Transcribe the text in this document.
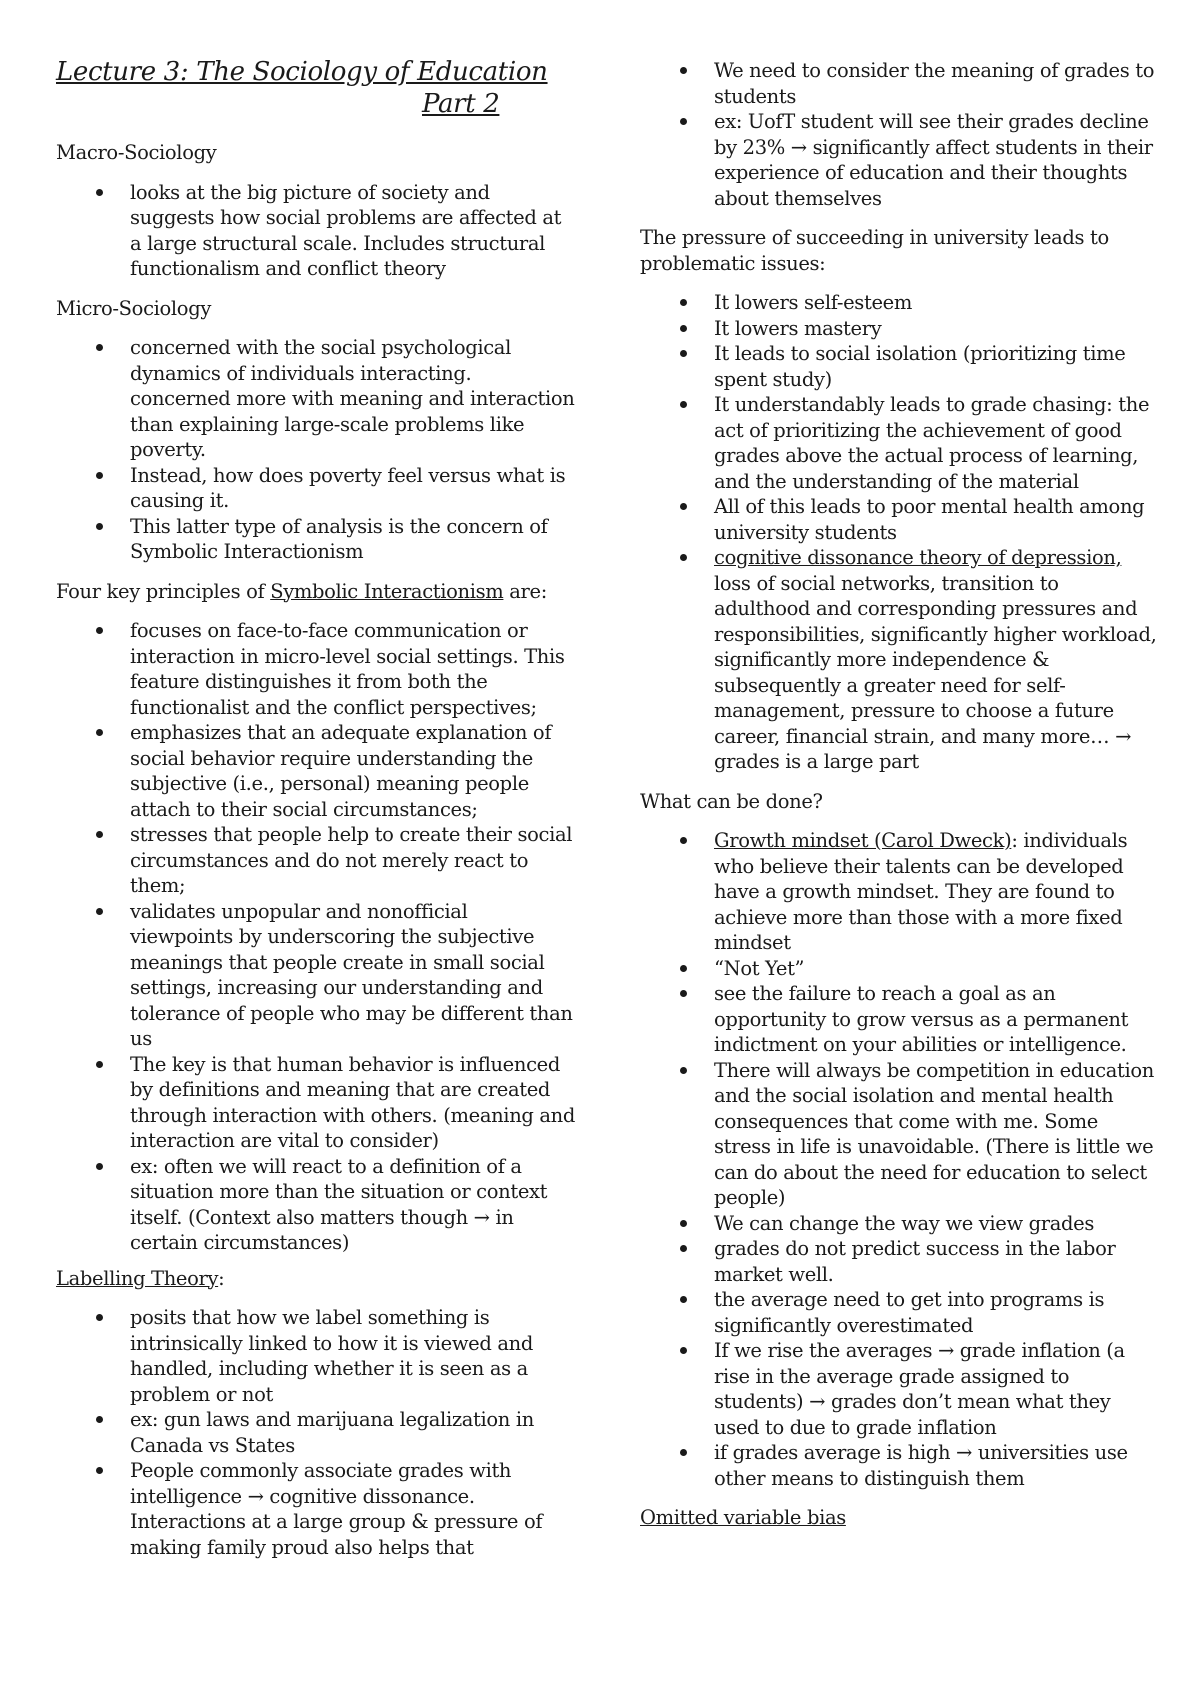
Lecture 3: The Sociology of Education
Part 2

Macro-Sociology

looks at the big picture of society and suggests how social problems are affected at a large structural scale. Includes structural functionalism and conflict theory

Micro-Sociology

concerned with the social psychological dynamics of individuals interacting. concerned more with meaning and interaction than explaining large-scale problems like poverty.
Instead, how does poverty feel versus what is causing it.
This latter type of analysis is the concern of Symbolic Interactionism

Four key principles of Symbolic Interactionism are:

focuses on face-to-face communication or interaction in micro-level social settings. This feature distinguishes it from both the functionalist and the conflict perspectives;
emphasizes that an adequate explanation of social behavior require understanding the subjective (i.e., personal) meaning people attach to their social circumstances;
stresses that people help to create their social circumstances and do not merely react to them;
validates unpopular and nonofficial viewpoints by underscoring the subjective meanings that people create in small social settings, increasing our understanding and tolerance of people who may be different than us
The key is that human behavior is influenced by definitions and meaning that are created through interaction with others. (meaning and interaction are vital to consider)
ex: often we will react to a definition of a situation more than the situation or context itself. (Context also matters though → in certain circumstances)

Labelling Theory:

posits that how we label something is intrinsically linked to how it is viewed and handled, including whether it is seen as a problem or not
ex: gun laws and marijuana legalization in Canada vs States
People commonly associate grades with intelligence → cognitive dissonance. Interactions at a large group & pressure of making family proud also helps that
We need to consider the meaning of grades to students
ex: UofT student will see their grades decline by 23% → significantly affect students in their experience of education and their thoughts about themselves

The pressure of succeeding in university leads to problematic issues:

It lowers self-esteem
It lowers mastery
It leads to social isolation (prioritizing time spent study)
It understandably leads to grade chasing: the act of prioritizing the achievement of good grades above the actual process of learning, and the understanding of the material
All of this leads to poor mental health among university students
cognitive dissonance theory of depression, loss of social networks, transition to adulthood and corresponding pressures and responsibilities, significantly higher workload, significantly more independence & subsequently a greater need for self-management, pressure to choose a future career, financial strain, and many more… → grades is a large part

What can be done?

Growth mindset (Carol Dweck): individuals who believe their talents can be developed have a growth mindset. They are found to achieve more than those with a more fixed mindset
“Not Yet”
see the failure to reach a goal as an opportunity to grow versus as a permanent indictment on your abilities or intelligence.
There will always be competition in education and the social isolation and mental health consequences that come with me. Some stress in life is unavoidable. (There is little we can do about the need for education to select people)
We can change the way we view grades
grades do not predict success in the labor market well.
the average need to get into programs is significantly overestimated
If we rise the averages → grade inflation (a rise in the average grade assigned to students) → grades don’t mean what they used to due to grade inflation
if grades average is high → universities use other means to distinguish them

Omitted variable bias
